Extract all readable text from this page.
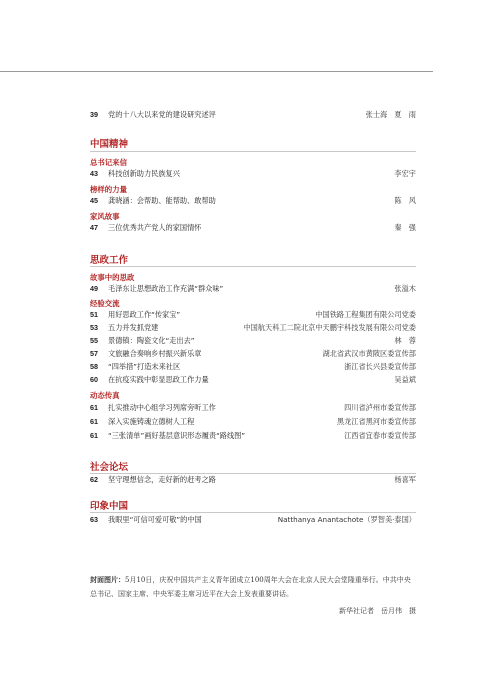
39 党的十八大以来党的建设研究述评	张士海　夏　雨
中国精神
总书记来信
43 科技创新助力民族复兴	李宏宇
榜样的力量
45 龚晓涵：会帮助、能帮助、敢帮助	陈　风
家风故事
47 三位优秀共产党人的家国情怀	秦　强
思政工作
故事中的思政
49 毛泽东让思想政治工作充满“群众味”	张溢木
经验交流
51 用好思政工作“传家宝”	中国铁路工程集团有限公司党委
53 五力并发抓党建	中国航天科工二院北京中天鹏宇科技发展有限公司党委
55 景德镇：陶瓷文化“走出去”	林　蓉
57 文旅融合奏响乡村振兴新乐章	湖北省武汉市黄陂区委宣传部
58 “四举措”打造未来社区	浙江省长兴县委宣传部
60 在抗疫实践中彰显思政工作力量	吴益斌
动态传真
61 扎实推动中心组学习列席旁听工作	四川省泸州市委宣传部
61 深入实施铸魂立德树人工程	黑龙江省黑河市委宣传部
61 “三张清单”画好基层意识形态履责“路线图”	江西省宜春市委宣传部
社会论坛
62 坚守理想信念，走好新的赶考之路	杨喜军
印象中国
63 我眼里“可信可爱可敬”的中国	Natthanya Anantachote（罗智美·泰国）
封面图片：5月10日，庆祝中国共产主义青年团成立100周年大会在北京人民大会堂隆重举行。中共中央总书记、国家主席、中央军委主席习近平在大会上发表重要讲话。
新华社记者　岳月伟　摄
